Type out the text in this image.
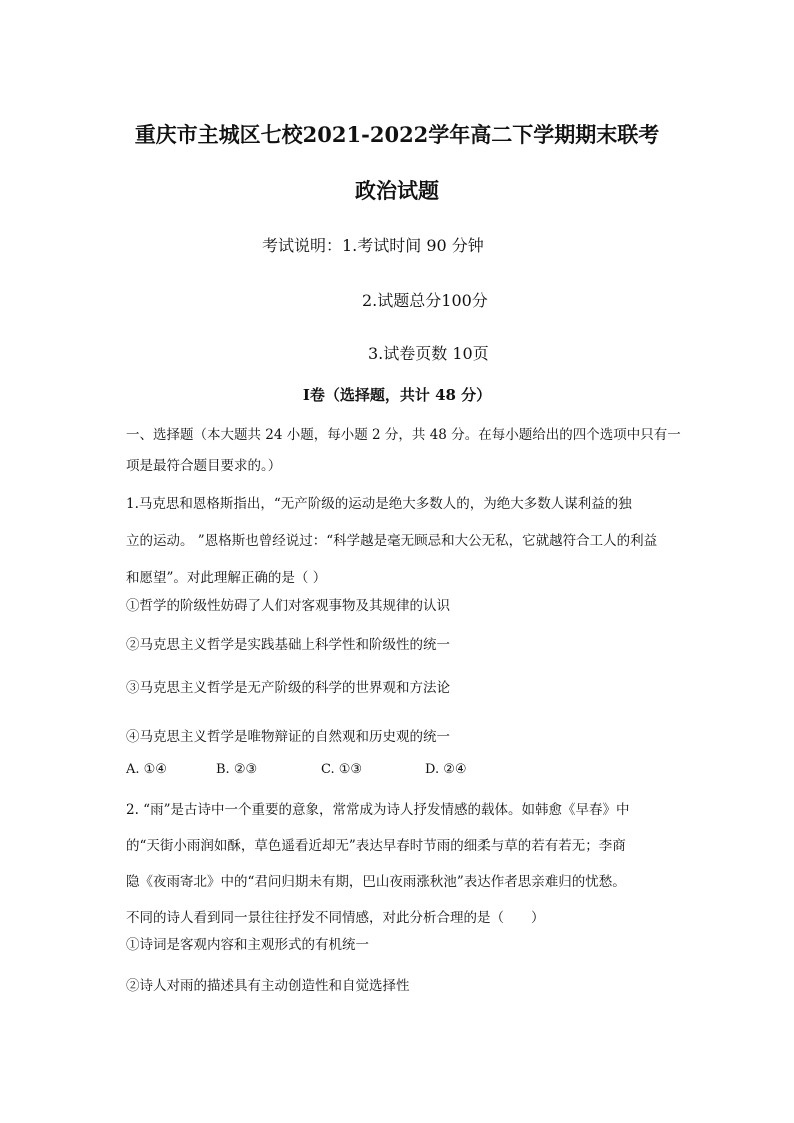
重庆市主城区七校2021-2022学年高二下学期期末联考
政治试题
考试说明：1.考试时间 90 分钟
2.试题总分100分
3.试卷页数 10页
Ⅰ卷（选择题，共计 48 分）
一、选择题（本大题共 24 小题，每小题 2 分，共 48 分。在每小题给出的四个选项中只有一
项是最符合题目要求的。）
1.马克思和恩格斯指出，“无产阶级的运动是绝大多数人的，为绝大多数人谋利益的独
立的运动。 ”恩格斯也曾经说过：“科学越是毫无顾忌和大公无私，它就越符合工人的利益
和愿望”。对此理解正确的是（ ）
①哲学的阶级性妨碍了人们对客观事物及其规律的认识
②马克思主义哲学是实践基础上科学性和阶级性的统一
③马克思主义哲学是无产阶级的科学的世界观和方法论
④马克思主义哲学是唯物辩证的自然观和历史观的统一
A. ①④	B. ②③	C. ①③	D. ②④
2. “雨”是古诗中一个重要的意象，常常成为诗人抒发情感的载体。如韩愈《早春》中
的“天街小雨润如酥，草色遥看近却无”表达早春时节雨的细柔与草的若有若无；李商
隐《夜雨寄北》中的“君问归期未有期，巴山夜雨涨秋池”表达作者思亲难归的忧愁。
不同的诗人看到同一景往往抒发不同情感，对此分析合理的是（　　）
①诗词是客观内容和主观形式的有机统一
②诗人对雨的描述具有主动创造性和自觉选择性
